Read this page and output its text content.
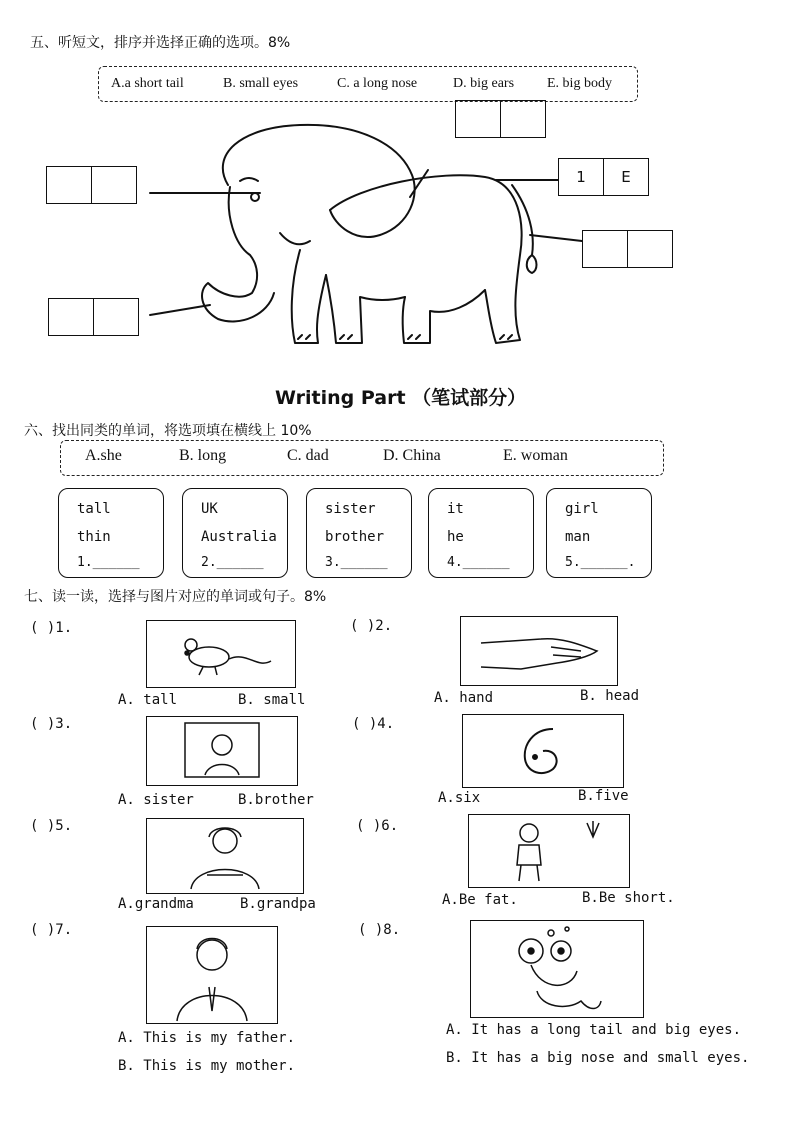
五、听短文，排序并选择正确的选项。8%
A.a short tail	B. small eyes	C. a long nose	D. big ears E. big body
1	E
Writing Part （笔试部分）
六、找出同类的单词，将选项填在横线上 10%
A.she	B. long	C. dad	D. China	E. woman
tall
thin
1.______
UK
Australia
2.______
sister
brother
3.______
it
he
4.______
girl
man
5.______.
七、读一读，选择与图片对应的单词或句子。8%
( )1.
A. tall	B. small
( )2.
A. hand	B. head
( )3.
A. sister	B.brother
( )4.
A.six	B.five
( )5.
A.grandma	B.grandpa
( )6.
A.Be fat.	B.Be short.
( )7.
A. This is my father.
B. This is my mother.
( )8.
A. It has a long tail and big eyes.
B. It has a big nose and small eyes.
